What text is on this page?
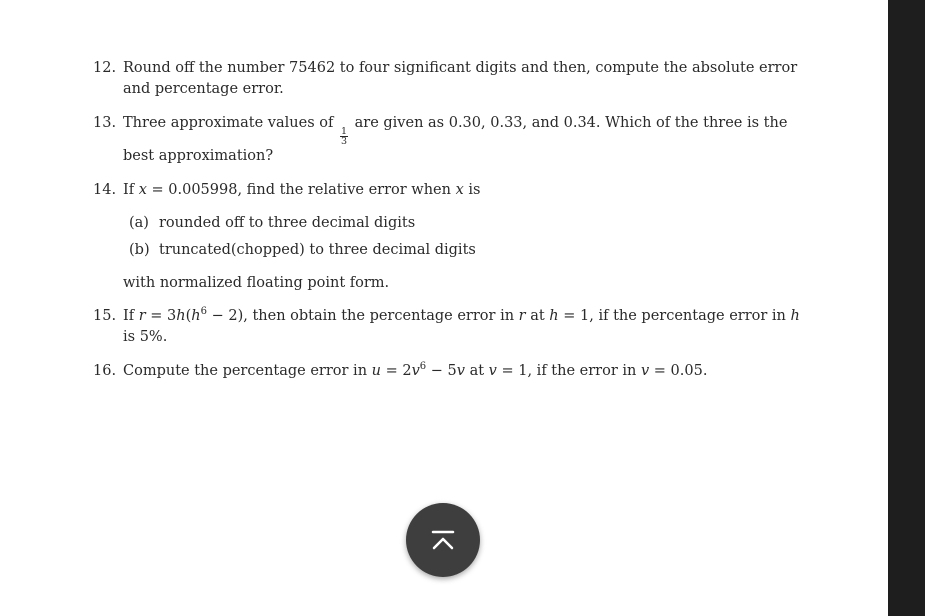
12. Round off the number 75462 to four significant digits and then, compute the absolute error and percentage error.
13. Three approximate values of
$\frac{1}{3}$
are given as 0.30, 0.33, and 0.34. Which of the three is the best approximation?
14. If x = 0.005998, find the relative error when x is
(a) rounded off to three decimal digits
(b) truncated(chopped) to three decimal digits
with normalized floating point form.
15. If $r = 3h(h^6 - 2)$, then obtain the percentage error in r at h = 1, if the percentage error in h is 5%.
16. Compute the percentage error in $u = 2v^6 - 5v$ at v = 1, if the error in v = 0.05.
